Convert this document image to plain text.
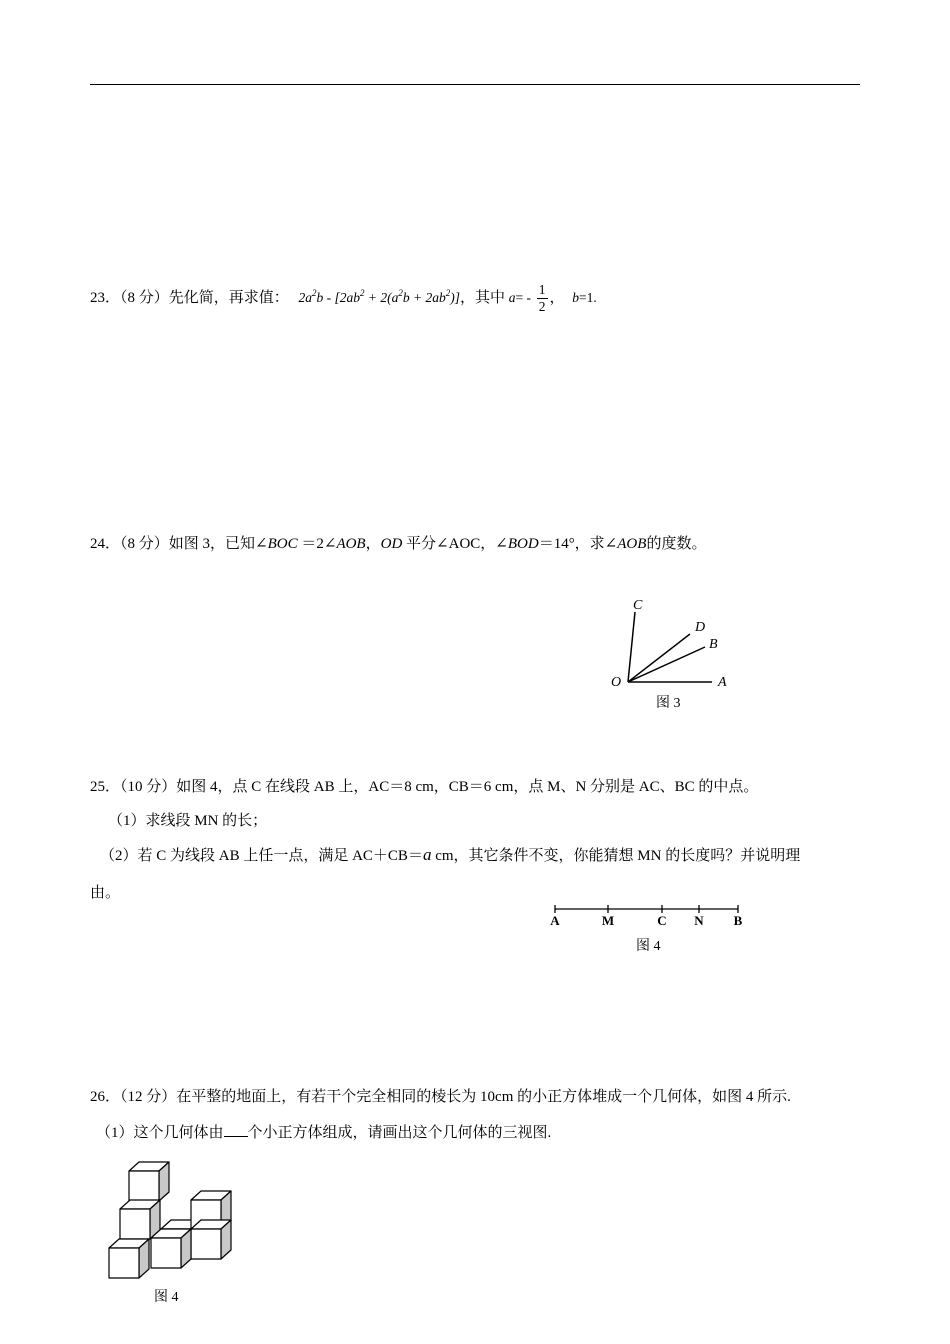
23．（8 分）先化简，再求值： $2a^2b - [2ab^2 + 2(a^2b + 2ab^2)]$，其中 $a= - \frac{1}{2}$ ， b=1.
24．（8 分）如图 3，已知∠BOC ＝2∠AOB，OD 平分∠AOC，∠BOD＝14°，求∠AOB的度数。
C
D
B
O	A
图 3
25．（10 分）如图 4，点 C 在线段 AB 上，AC＝8 cm，CB＝6 cm，点 M、N 分别是 AC、BC 的中点。
（1）求线段 MN 的长；
（2）若 C 为线段 AB 上任一点，满足 AC＋CB＝a cm，其它条件不变，你能猜想 MN 的长度吗？并说明理
由。
A	M	C N B
图 4
26．（12 分）在平整的地面上，有若干个完全相同的棱长为 10cm 的小正方体堆成一个几何体，如图 4 所示.
（1）这个几何体由 个小正方体组成，请画出这个几何体的三视图.
图 4
